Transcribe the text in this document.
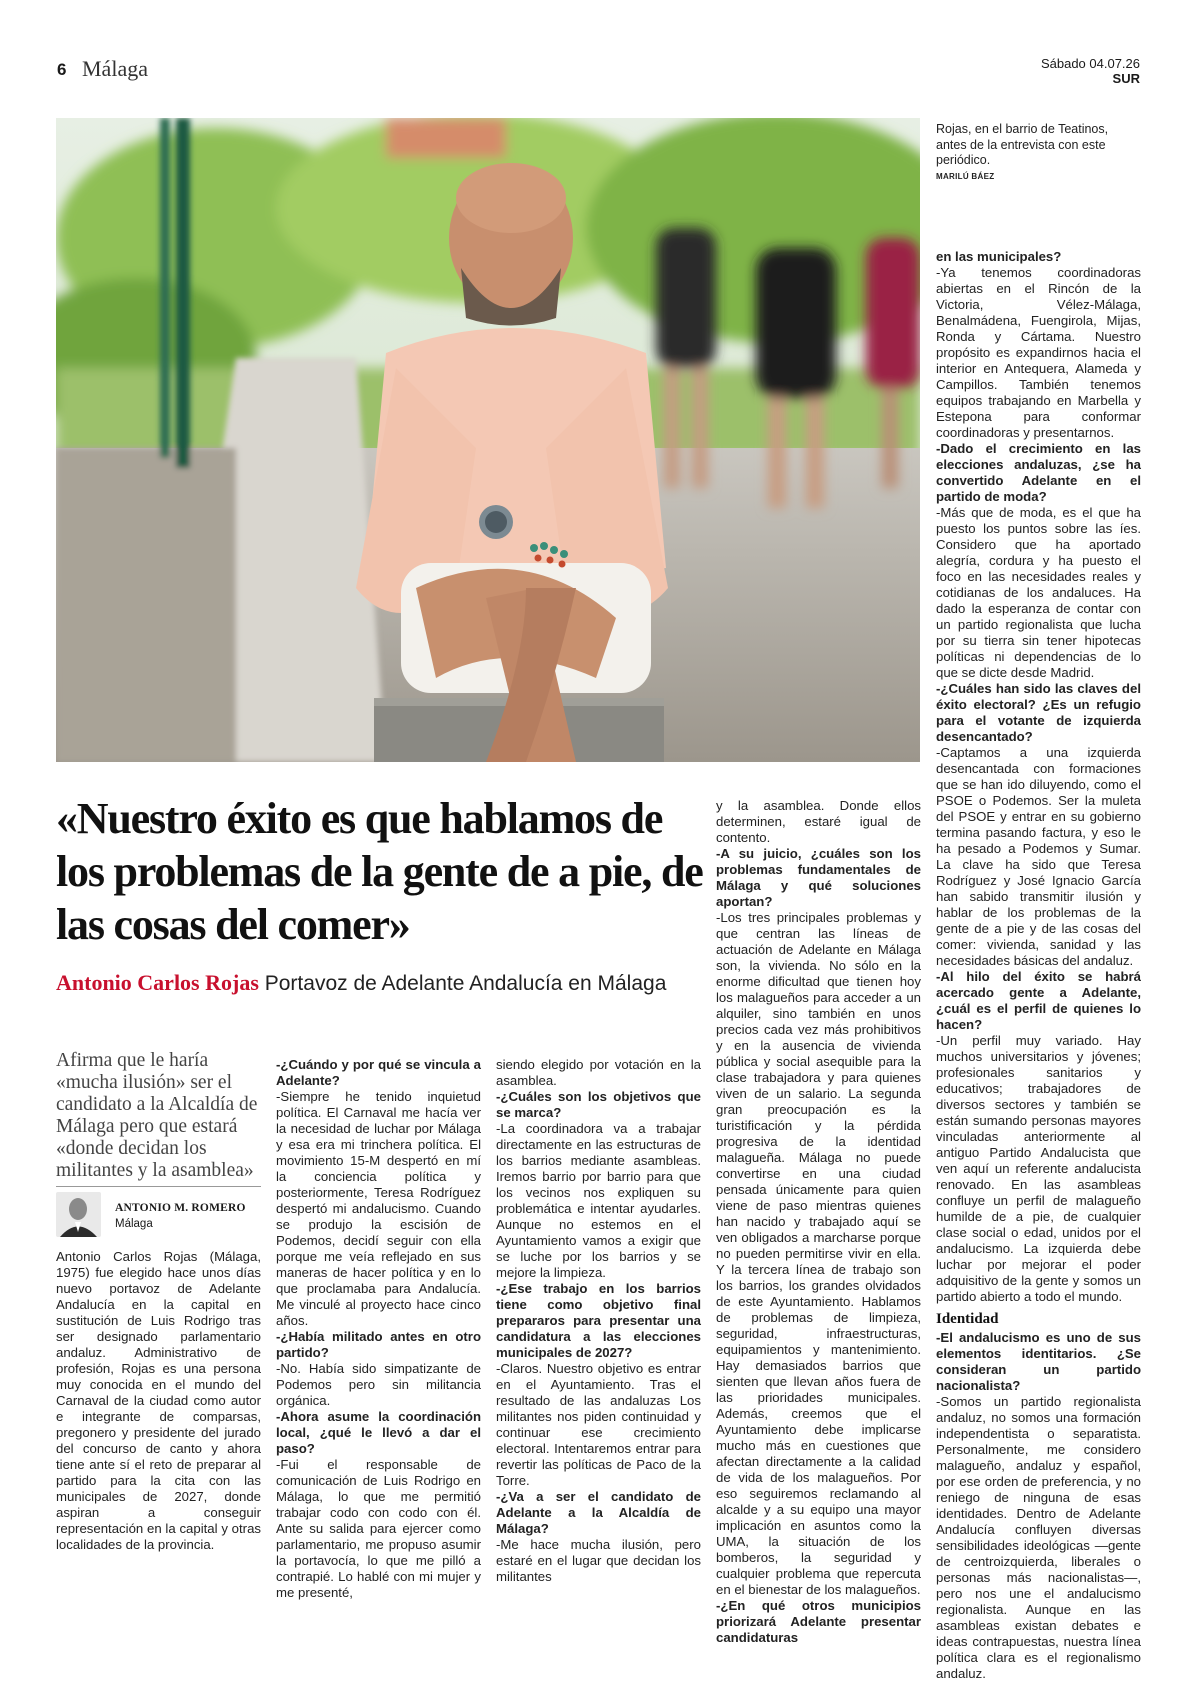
6 Málaga	Sábado 04.07.26
SUR
Rojas, en el barrio de Teatinos, antes de la entrevista con este periódico.
MARILÚ BÁEZ
«Nuestro éxito es que hablamos de los problemas de la gente de a pie, de las cosas del comer»
Antonio Carlos Rojas Portavoz de Adelante Andalucía en Málaga
Afirma que le haría «mucha ilusión» ser el candidato a la Alcaldía de Málaga pero que estará «donde decidan los militantes y la asamblea»
ANTONIO M. ROMERO
Málaga

Antonio Carlos Rojas (Málaga, 1975) fue elegido hace unos días nuevo portavoz de Adelante Andalucía en la capital en sustitución de Luis Rodrigo tras ser designado parlamentario andaluz. Administrativo de profesión, Rojas es una persona muy conocida en el mundo del Carnaval de la ciudad como autor e integrante de comparsas, pregonero y presidente del jurado del concurso de canto y ahora tiene ante sí el reto de preparar al partido para la cita con las municipales de 2027, donde aspiran a conseguir representación en la capital y otras localidades de la provincia.

-¿Cuándo y por qué se vincula a Adelante?

-Siempre he tenido inquietud política. El Carnaval me hacía ver la necesidad de luchar por Málaga y esa era mi trinchera política. El movimiento 15-M despertó en mí la conciencia política y posteriormente, Teresa Rodríguez despertó mi andalucismo. Cuando se produjo la escisión de Podemos, decidí seguir con ella porque me veía reflejado en sus maneras de hacer política y en lo que proclamaba para Andalucía. Me vinculé al proyecto hace cinco años.

-¿Había militado antes en otro partido?

-No. Había sido simpatizante de Podemos pero sin militancia orgánica.

-Ahora asume la coordinación local, ¿qué le llevó a dar el paso?

-Fui el responsable de comunicación de Luis Rodrigo en Málaga, lo que me permitió trabajar codo con codo con él. Ante su salida para ejercer como parlamentario, me propuso asumir la portavocía, lo que me pilló a contrapié. Lo hablé con mi mujer y me presenté,

siendo elegido por votación en la asamblea.

-¿Cuáles son los objetivos que se marca?

-La coordinadora va a trabajar directamente en las estructuras de los barrios mediante asambleas. Iremos barrio por barrio para que los vecinos nos expliquen su problemática e intentar ayudarles. Aunque no estemos en el Ayuntamiento vamos a exigir que se luche por los barrios y se mejore la limpieza.

-¿Ese trabajo en los barrios tiene como objetivo final prepararos para presentar una candidatura a las elecciones municipales de 2027?

-Claros. Nuestro objetivo es entrar en el Ayuntamiento. Tras el resultado de las andaluzas Los militantes nos piden continuidad y continuar ese crecimiento electoral. Intentaremos entrar para revertir las políticas de Paco de la Torre.

-¿Va a ser el candidato de Adelante a la Alcaldía de Málaga?

-Me hace mucha ilusión, pero estaré en el lugar que decidan los militantes

y la asamblea. Donde ellos determinen, estaré igual de contento.

-A su juicio, ¿cuáles son los problemas fundamentales de Málaga y qué soluciones aportan?

-Los tres principales problemas y que centran las líneas de actuación de Adelante en Málaga son, la vivienda. No sólo en la enorme dificultad que tienen hoy los malagueños para acceder a un alquiler, sino también en unos precios cada vez más prohibitivos y en la ausencia de vivienda pública y social asequible para la clase trabajadora y para quienes viven de un salario. La segunda gran preocupación es la turistificación y la pérdida progresiva de la identidad malagueña. Málaga no puede convertirse en una ciudad pensada únicamente para quien viene de paso mientras quienes han nacido y trabajado aquí se ven obligados a marcharse porque no pueden permitirse vivir en ella. Y la tercera línea de trabajo son los barrios, los grandes olvidados de este Ayuntamiento. Hablamos de problemas de limpieza, seguridad, infraestructuras, equipamientos y mantenimiento. Hay demasiados barrios que sienten que llevan años fuera de las prioridades municipales. Además, creemos que el Ayuntamiento debe implicarse mucho más en cuestiones que afectan directamente a la calidad de vida de los malagueños. Por eso seguiremos reclamando al alcalde y a su equipo una mayor implicación en asuntos como la UMA, la situación de los bomberos, la seguridad y cualquier problema que repercuta en el bienestar de los malagueños.

-¿En qué otros municipios priorizará Adelante presentar candidaturas

en las municipales?

-Ya tenemos coordinadoras abiertas en el Rincón de la Victoria, Vélez-Málaga, Benalmádena, Fuengirola, Mijas, Ronda y Cártama. Nuestro propósito es expandirnos hacia el interior en Antequera, Alameda y Campillos. También tenemos equipos trabajando en Marbella y Estepona para conformar coordinadoras y presentarnos.

-Dado el crecimiento en las elecciones andaluzas, ¿se ha convertido Adelante en el partido de moda?

-Más que de moda, es el que ha puesto los puntos sobre las íes. Considero que ha aportado alegría, cordura y ha puesto el foco en las necesidades reales y cotidianas de los andaluces. Ha dado la esperanza de contar con un partido regionalista que lucha por su tierra sin tener hipotecas políticas ni dependencias de lo que se dicte desde Madrid.

-¿Cuáles han sido las claves del éxito electoral? ¿Es un refugio para el votante de izquierda desencantado?

-Captamos a una izquierda desencantada con formaciones que se han ido diluyendo, como el PSOE o Podemos. Ser la muleta del PSOE y entrar en su gobierno termina pasando factura, y eso le ha pesado a Podemos y Sumar. La clave ha sido que Teresa Rodríguez y José Ignacio García han sabido transmitir ilusión y hablar de los problemas de la gente de a pie y de las cosas del comer: vivienda, sanidad y las necesidades básicas del andaluz.

-Al hilo del éxito se habrá acercado gente a Adelante, ¿cuál es el perfil de quienes lo hacen?

-Un perfil muy variado. Hay muchos universitarios y jóvenes; profesionales sanitarios y educativos; trabajadores de diversos sectores y también se están sumando personas mayores vinculadas anteriormente al antiguo Partido Andalucista que ven aquí un referente andalucista renovado. En las asambleas confluye un perfil de malagueño humilde de a pie, de cualquier clase social o edad, unidos por el andalucismo. La izquierda debe luchar por mejorar el poder adquisitivo de la gente y somos un partido abierto a todo el mundo.

Identidad

-El andalucismo es uno de sus elementos identitarios. ¿Se consideran un partido nacionalista?

-Somos un partido regionalista andaluz, no somos una formación independentista o separatista. Personalmente, me considero malagueño, andaluz y español, por ese orden de preferencia, y no reniego de ninguna de esas identidades. Dentro de Adelante Andalucía confluyen diversas sensibilidades ideológicas —gente de centroizquierda, liberales o personas más nacionalistas—, pero nos une el andalucismo regionalista. Aunque en las asambleas existan debates e ideas contrapuestas, nuestra línea política clara es el regionalismo andaluz.
